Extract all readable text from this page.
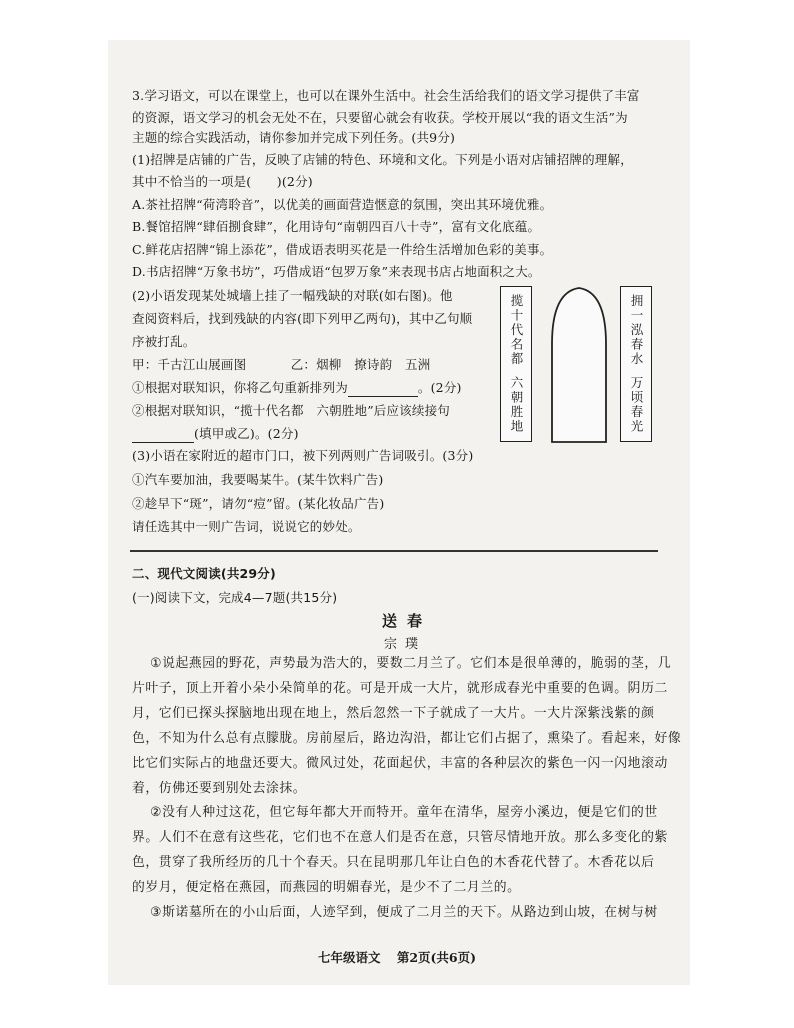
3.学习语文，可以在课堂上，也可以在课外生活中。社会生活给我们的语文学习提供了丰富
的资源，语文学习的机会无处不在，只要留心就会有收获。学校开展以“我的语文生活”为
主题的综合实践活动，请你参加并完成下列任务。(共9分)
(1)招牌是店铺的广告，反映了店铺的特色、环境和文化。下列是小语对店铺招牌的理解，
其中不恰当的一项是(　　)(2分)
A.茶社招牌“荷湾聆音”，以优美的画面营造惬意的氛围，突出其环境优雅。
B.餐馆招牌“肆佰捌食肆”，化用诗句“南朝四百八十寺”，富有文化底蕴。
C.鲜花店招牌“锦上添花”，借成语表明买花是一件给生活增加色彩的美事。
D.书店招牌“万象书坊”，巧借成语“包罗万象”来表现书店占地面积之大。
(2)小语发现某处城墙上挂了一幅残缺的对联(如右图)。他
查阅资料后，找到残缺的内容(即下列甲乙两句)，其中乙句顺
序被打乱。
甲：千古江山展画图	乙：烟柳　撩诗韵　五洲
①根据对联知识，你将乙句重新排列为	。(2分)
②根据对联知识，“揽十代名都　六朝胜地”后应该续接句
(填甲或乙)。(2分)
揽十代名都
六朝胜地
拥一泓春水
万顷春光
(3)小语在家附近的超市门口，被下列两则广告词吸引。(3分)
①汽车要加油，我要喝某牛。(某牛饮料广告)
②趁早下“斑”，请勿“痘”留。(某化妆品广告)
请任选其中一则广告词，说说它的妙处。
二、现代文阅读(共29分)
(一)阅读下文，完成4—7题(共15分)
送春
宗璞
①说起燕园的野花，声势最为浩大的，要数二月兰了。它们本是很单薄的，脆弱的茎，几
片叶子，顶上开着小朵小朵简单的花。可是开成一大片，就形成春光中重要的色调。阴历二
月，它们已探头探脑地出现在地上，然后忽然一下子就成了一大片。一大片深紫浅紫的颜
色，不知为什么总有点朦胧。房前屋后，路边沟沿，都让它们占据了，熏染了。看起来，好像
比它们实际占的地盘还要大。微风过处，花面起伏，丰富的各种层次的紫色一闪一闪地滚动
着，仿佛还要到别处去涂抹。
②没有人种过这花，但它每年都大开而特开。童年在清华，屋旁小溪边，便是它们的世
界。人们不在意有这些花，它们也不在意人们是否在意，只管尽情地开放。那么多变化的紫
色，贯穿了我所经历的几十个春天。只在昆明那几年让白色的木香花代替了。木香花以后
的岁月，便定格在燕园，而燕园的明媚春光，是少不了二月兰的。
③斯诺墓所在的小山后面，人迹罕到，便成了二月兰的天下。从路边到山坡，在树与树
七年级语文 第2页(共6页)
